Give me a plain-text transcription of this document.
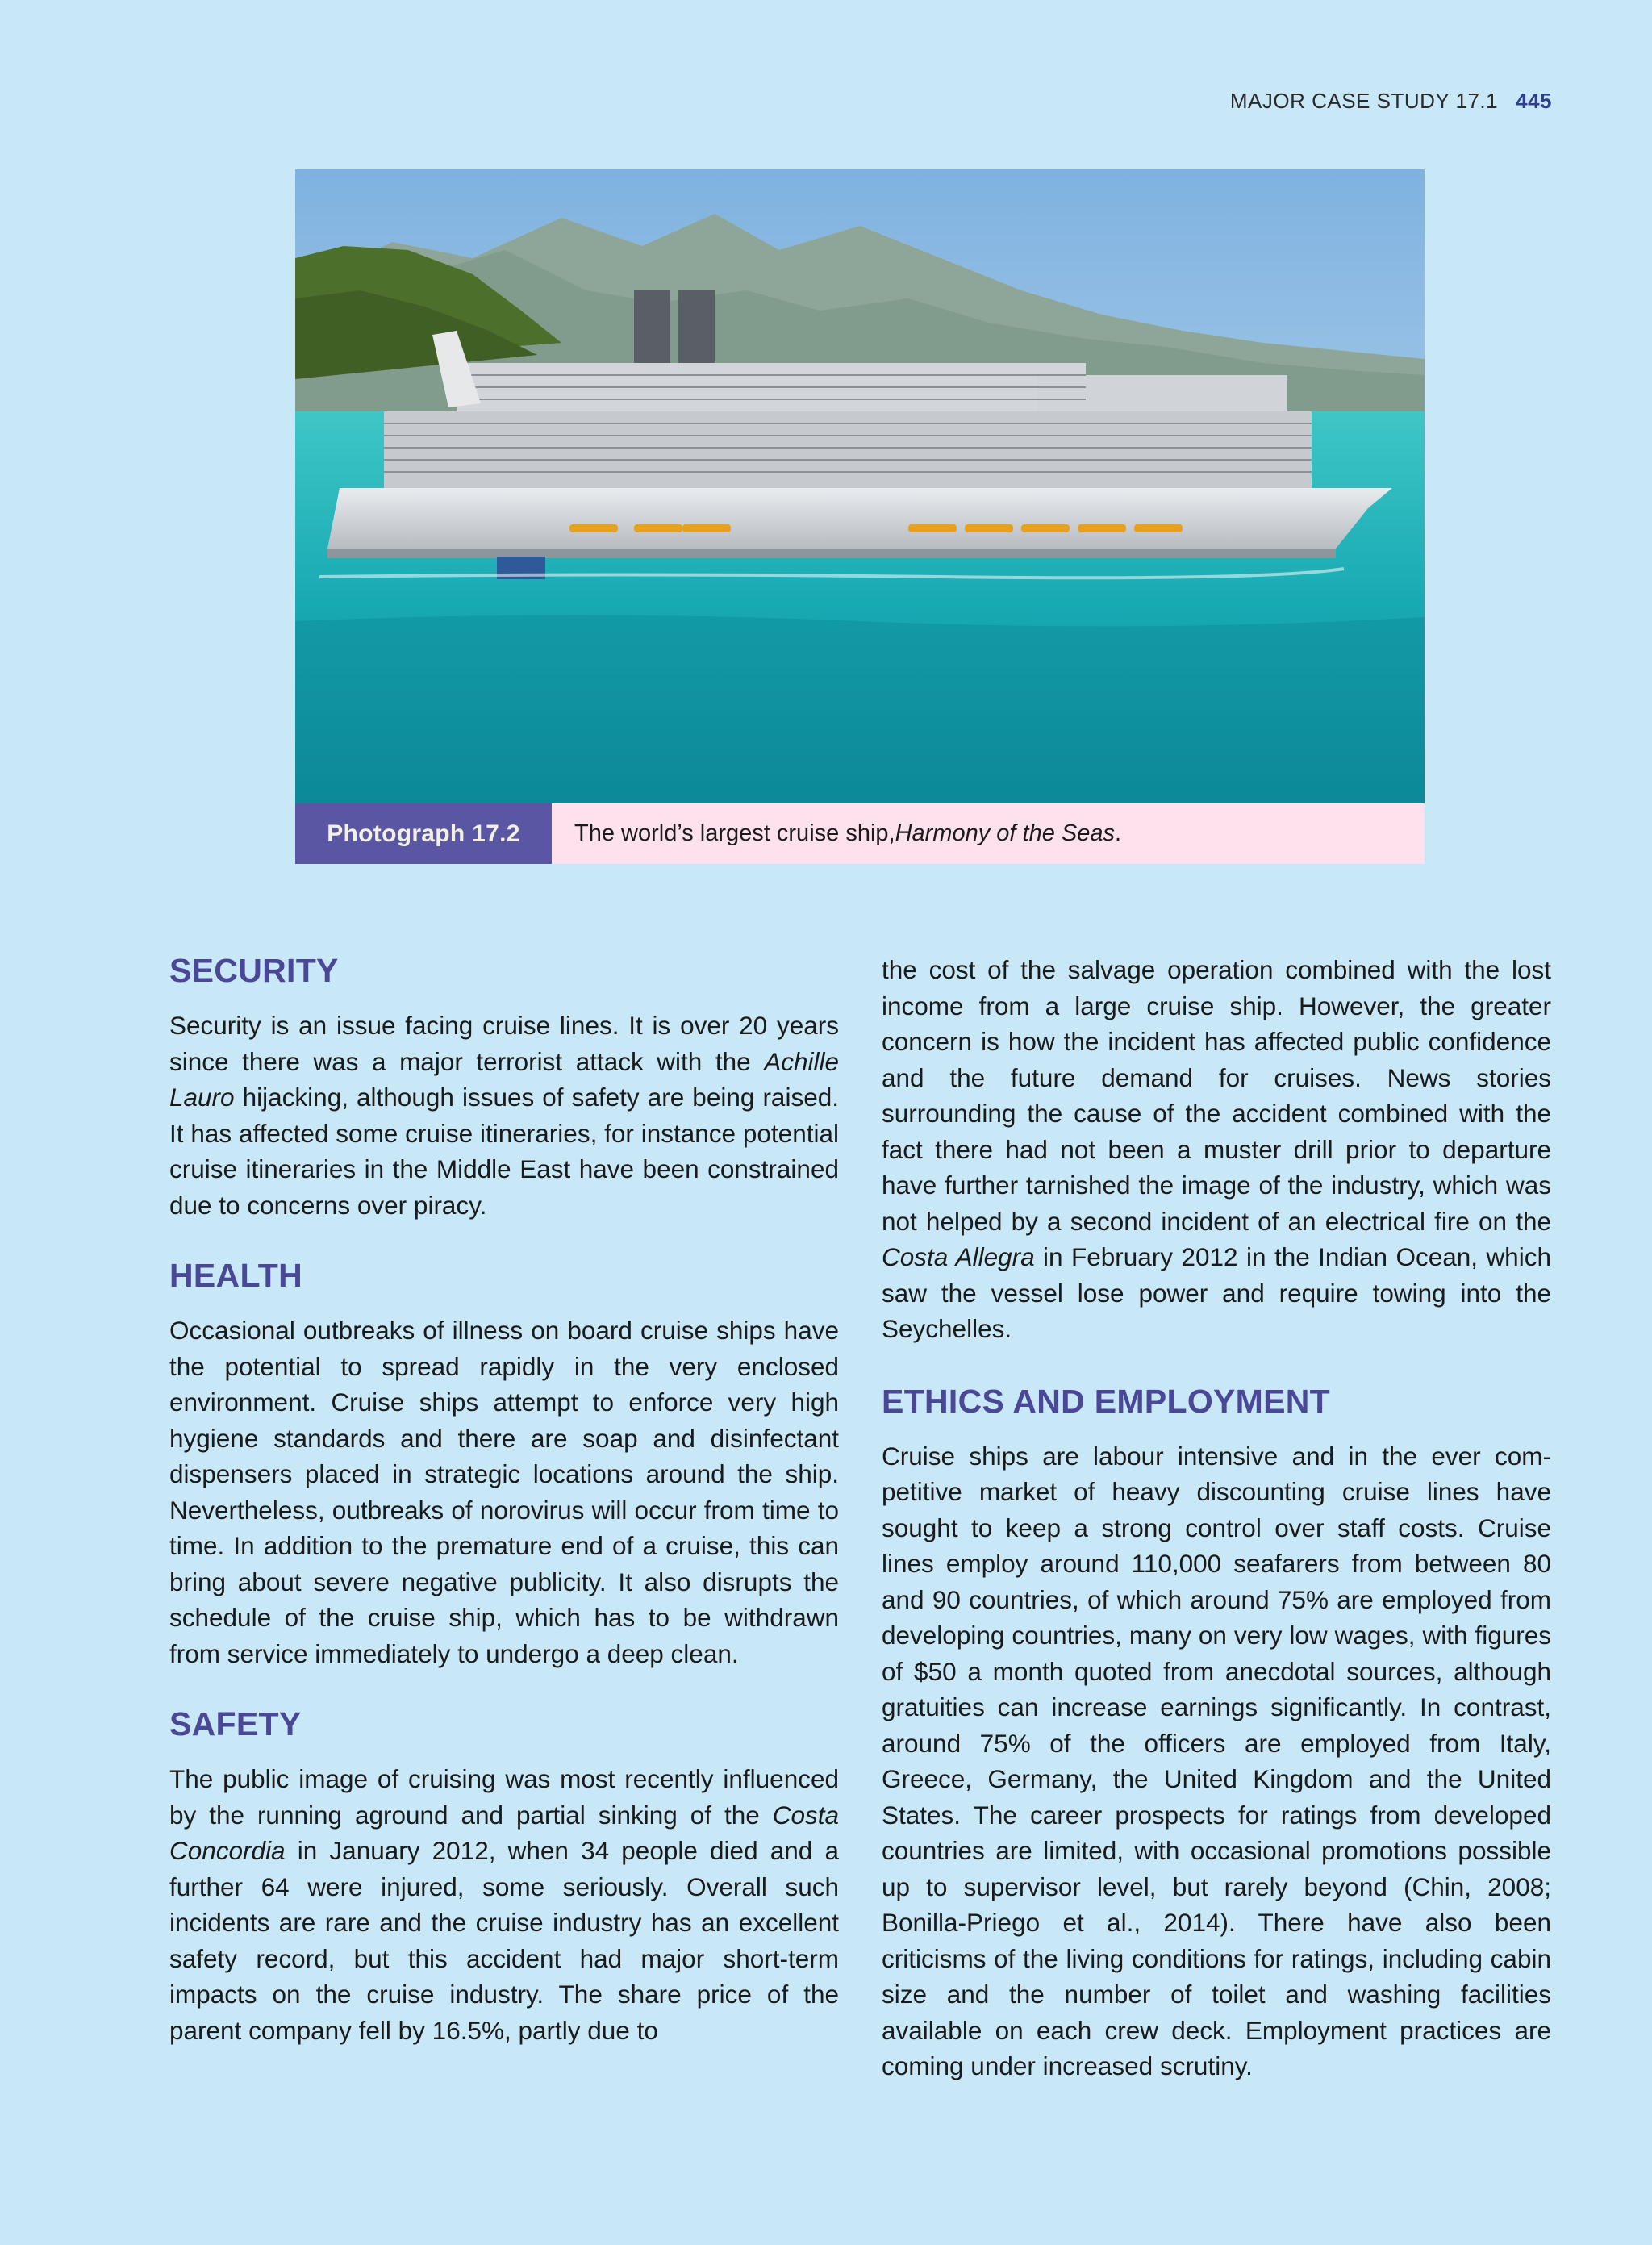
MAJOR CASE STUDY 17.1 445
Photograph 17.2	The world’s largest cruise ship, Harmony of the Seas .
SECURITY

Security is an issue facing cruise lines. It is over 20 years since there was a major terrorist attack with the Achille Lauro hijacking, although issues of safety are being raised. It has affected some cruise itineraries, for instance potential cruise itineraries in the Middle East have been constrained due to concerns over piracy.

HEALTH

Occasional outbreaks of illness on board cruise ships have the potential to spread rapidly in the very enclosed environment. Cruise ships attempt to enforce very high hygiene standards and there are soap and disinfectant dispensers placed in strategic locations around the ship. Nevertheless, outbreaks of norovirus will occur from time to time. In addition to the premature end of a cruise, this can bring about severe negative publicity. It also disrupts the schedule of the cruise ship, which has to be withdrawn from service immediately to undergo a deep clean.

SAFETY

The public image of cruising was most recently influenced by the running aground and partial sinking of the Costa Concordia in January 2012, when 34 people died and a further 64 were injured, some seriously. Overall such incidents are rare and the cruise industry has an excellent safety record, but this accident had major short-term impacts on the cruise industry. The share price of the parent company fell by 16.5%, partly due to

the cost of the salvage operation combined with the lost income from a large cruise ship. However, the greater concern is how the incident has affected public confidence and the future demand for cruises. News stories surrounding the cause of the accident combined with the fact there had not been a muster drill prior to departure have further tarnished the image of the industry, which was not helped by a second incident of an electrical fire on the Costa Allegra in February 2012 in the Indian Ocean, which saw the vessel lose power and require towing into the Seychelles.

ETHICS AND EMPLOYMENT

Cruise ships are labour intensive and in the ever competitive market of heavy discounting cruise lines have sought to keep a strong control over staff costs. Cruise lines employ around 110,000 seafarers from between 80 and 90 countries, of which around 75% are employed from developing countries, many on very low wages, with figures of $50 a month quoted from anecdotal sources, although gratuities can increase earnings significantly. In contrast, around 75% of the officers are employed from Italy, Greece, Germany, the United Kingdom and the United States. The career prospects for ratings from developed countries are limited, with occasional promotions possible up to supervisor level, but rarely beyond (Chin, 2008; Bonilla-Priego et al., 2014). There have also been criticisms of the living conditions for ratings, including cabin size and the number of toilet and washing facilities available on each crew deck. Employment practices are coming under increased scrutiny.
